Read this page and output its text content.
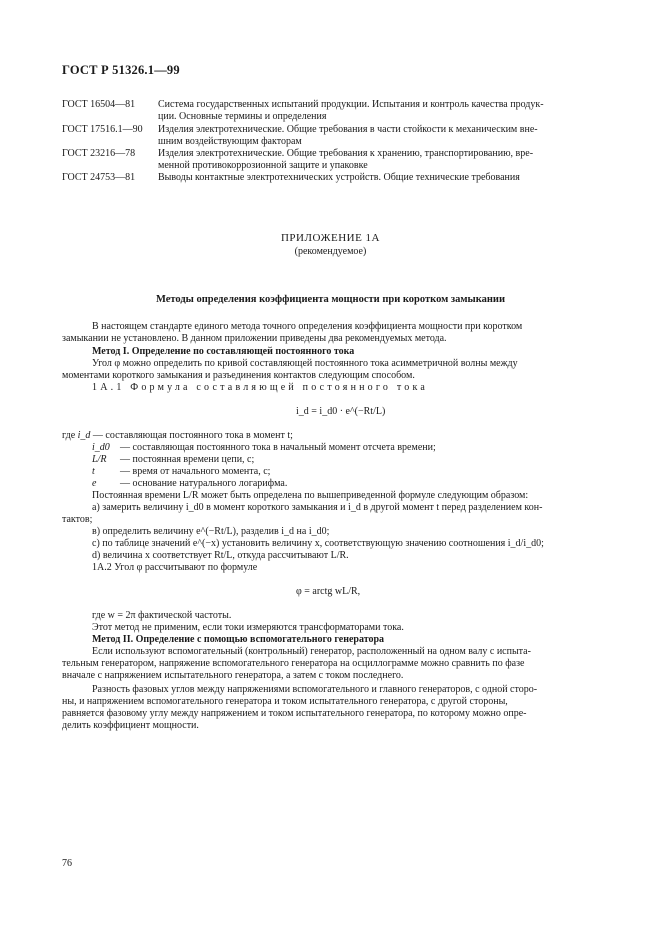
ГОСТ Р 51326.1—99
ГОСТ 16504—81 Система государственных испытаний продукции. Испытания и контроль качества продук-
ции. Основные термины и определения
ГОСТ 17516.1—90 Изделия электротехнические. Общие требования в части стойкости к механическим вне-
шним воздействующим факторам
ГОСТ 23216—78 Изделия электротехнические. Общие требования к хранению, транспортированию, вре-
менной противокоррозионной защите и упаковке
ГОСТ 24753—81 Выводы контактные электротехнических устройств. Общие технические требования
ПРИЛОЖЕНИЕ 1А
(рекомендуемое)
Методы определения коэффициента мощности при коротком замыкании
В настоящем стандарте единого метода точного определения коэффициента мощности при коротком
замыкании не установлено. В данном приложении приведены два рекомендуемых метода.
Метод I. Определение по составляющей постоянного тока
Угол φ можно определить по кривой составляющей постоянного тока асимметричной волны между
моментами короткого замыкания и разъединения контактов следующим способом.
1А.1 Формула составляющей постоянного тока
i_d = i_d0 · e^(−Rt/L)
где i_d — составляющая постоянного тока в момент t;
i_d0 — составляющая постоянного тока в начальный момент отсчета времени;
L/R — постоянная времени цепи, с;
t	— время от начального момента, с;
e — основание натурального логарифма.
Постоянная времени L/R может быть определена по вышеприведенной формуле следующим образом:
а) замерить величину i_d0 в момент короткого замыкания и i_d в другой момент t перед разделением кон-
тактов;
в) определить величину e^(−Rt/L), разделив i_d на i_d0;
с) по таблице значений e^(−x) установить величину x, соответствующую значению соотношения i_d/i_d0;
d) величина x соответствует Rt/L, откуда рассчитывают L/R.
1А.2 Угол φ рассчитывают по формуле
φ = arctg wL/R,
где w = 2π фактической частоты.
Этот метод не применим, если токи измеряются трансформаторами тока.
Метод II. Определение с помощью вспомогательного генератора
Если используют вспомогательный (контрольный) генератор, расположенный на одном валу с испыта-
тельным генератором, напряжение вспомогательного генератора на осциллограмме можно сравнить по фазе
вначале с напряжением испытательного генератора, а затем с током последнего.
Разность фазовых углов между напряжениями вспомогательного и главного генераторов, с одной сторо-
ны, и напряжением вспомогательного генератора и током испытательного генератора, с другой стороны,
равняется фазовому углу между напряжением и током испытательного генератора, по которому можно опре-
делить коэффициент мощности.
76
